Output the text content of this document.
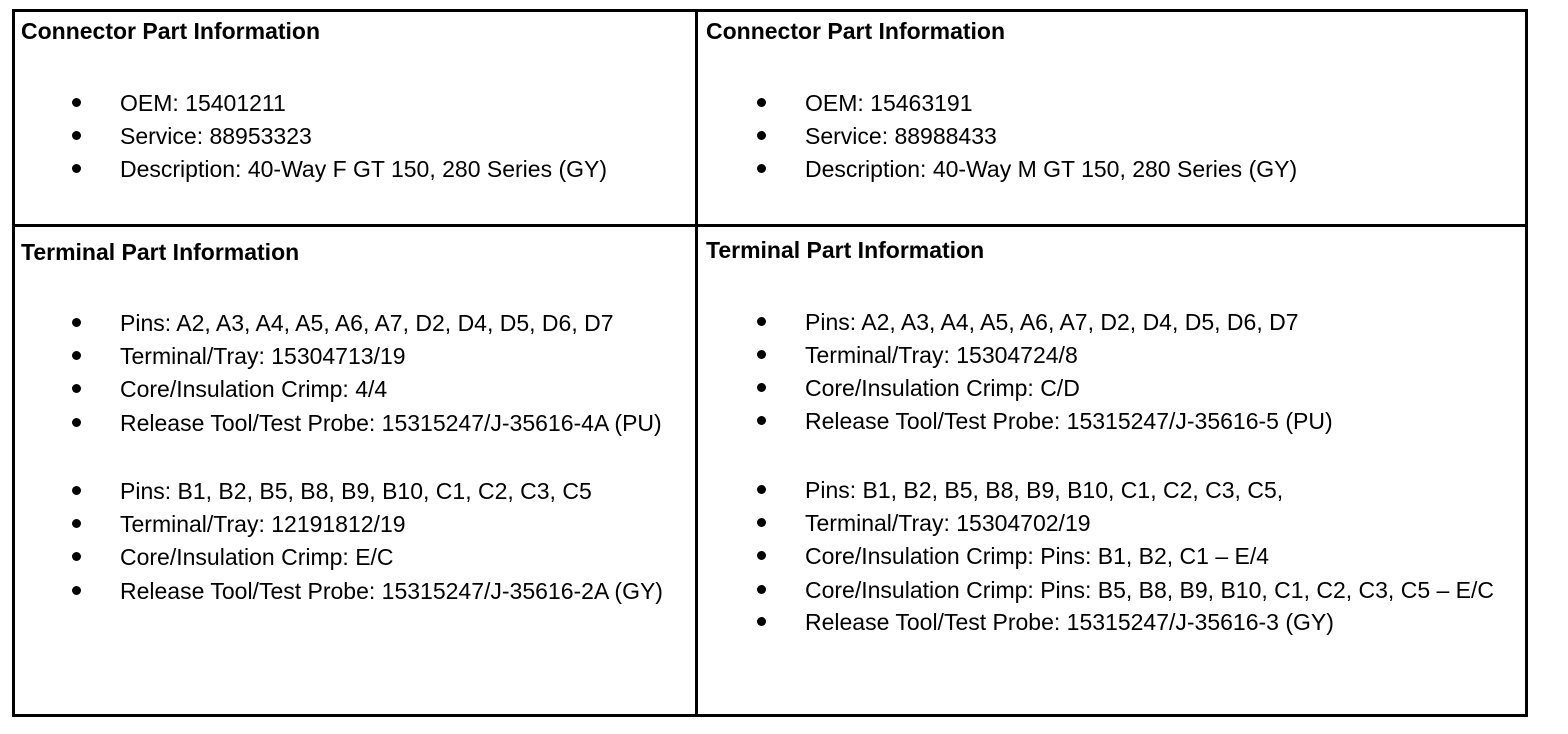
Connector Part Information
OEM: 15401211
Service: 88953323
Description: 40-Way F GT 150, 280 Series (GY)
Connector Part Information
OEM: 15463191
Service: 88988433
Description: 40-Way M GT 150, 280 Series (GY)
Terminal Part Information
Pins: A2, A3, A4, A5, A6, A7, D2, D4, D5, D6, D7
Terminal/Tray: 15304713/19
Core/Insulation Crimp: 4/4
Release Tool/Test Probe: 15315247/J-35616-4A (PU)
Pins: B1, B2, B5, B8, B9, B10, C1, C2, C3, C5
Terminal/Tray: 12191812/19
Core/Insulation Crimp: E/C
Release Tool/Test Probe: 15315247/J-35616-2A (GY)
Terminal Part Information
Pins: A2, A3, A4, A5, A6, A7, D2, D4, D5, D6, D7
Terminal/Tray: 15304724/8
Core/Insulation Crimp: C/D
Release Tool/Test Probe: 15315247/J-35616-5 (PU)
Pins: B1, B2, B5, B8, B9, B10, C1, C2, C3, C5,
Terminal/Tray: 15304702/19
Core/Insulation Crimp: Pins: B1, B2, C1 – E/4
Core/Insulation Crimp: Pins: B5, B8, B9, B10, C1, C2, C3, C5 – E/C
Release Tool/Test Probe: 15315247/J-35616-3 (GY)
